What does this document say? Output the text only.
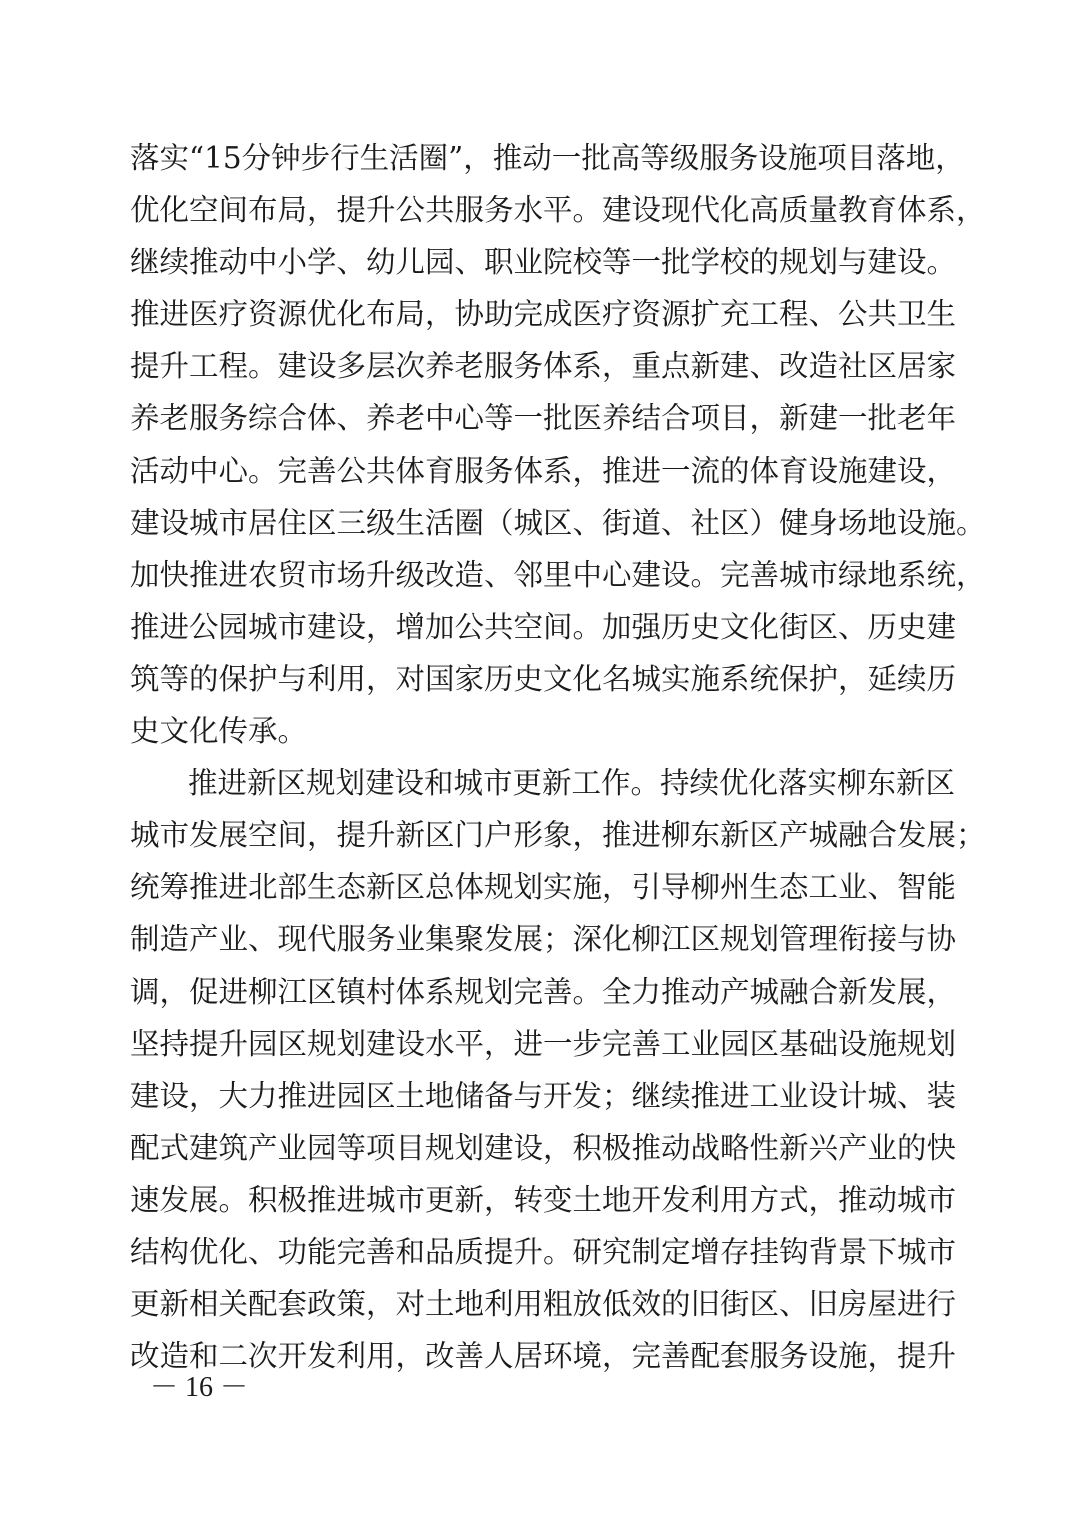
落实“15分钟步行生活圈”，推动一批高等级服务设施项目落地，
优化空间布局，提升公共服务水平。建设现代化高质量教育体系，
继续推动中小学、幼儿园、职业院校等一批学校的规划与建设。
推进医疗资源优化布局，协助完成医疗资源扩充工程、公共卫生
提升工程。建设多层次养老服务体系，重点新建、改造社区居家
养老服务综合体、养老中心等一批医养结合项目，新建一批老年
活动中心。完善公共体育服务体系，推进一流的体育设施建设，
建设城市居住区三级生活圈（城区、街道、社区）健身场地设施。
加快推进农贸市场升级改造、邻里中心建设。完善城市绿地系统，
推进公园城市建设，增加公共空间。加强历史文化街区、历史建
筑等的保护与利用，对国家历史文化名城实施系统保护，延续历
史文化传承。
推进新区规划建设和城市更新工作。持续优化落实柳东新区
城市发展空间，提升新区门户形象，推进柳东新区产城融合发展；
统筹推进北部生态新区总体规划实施，引导柳州生态工业、智能
制造产业、现代服务业集聚发展；深化柳江区规划管理衔接与协
调，促进柳江区镇村体系规划完善。全力推动产城融合新发展，
坚持提升园区规划建设水平，进一步完善工业园区基础设施规划
建设，大力推进园区土地储备与开发；继续推进工业设计城、装
配式建筑产业园等项目规划建设，积极推动战略性新兴产业的快
速发展。积极推进城市更新，转变土地开发利用方式，推动城市
结构优化、功能完善和品质提升。研究制定增存挂钩背景下城市
更新相关配套政策，对土地利用粗放低效的旧街区、旧房屋进行
改造和二次开发利用，改善人居环境，完善配套服务设施，提升
－ 16 －
